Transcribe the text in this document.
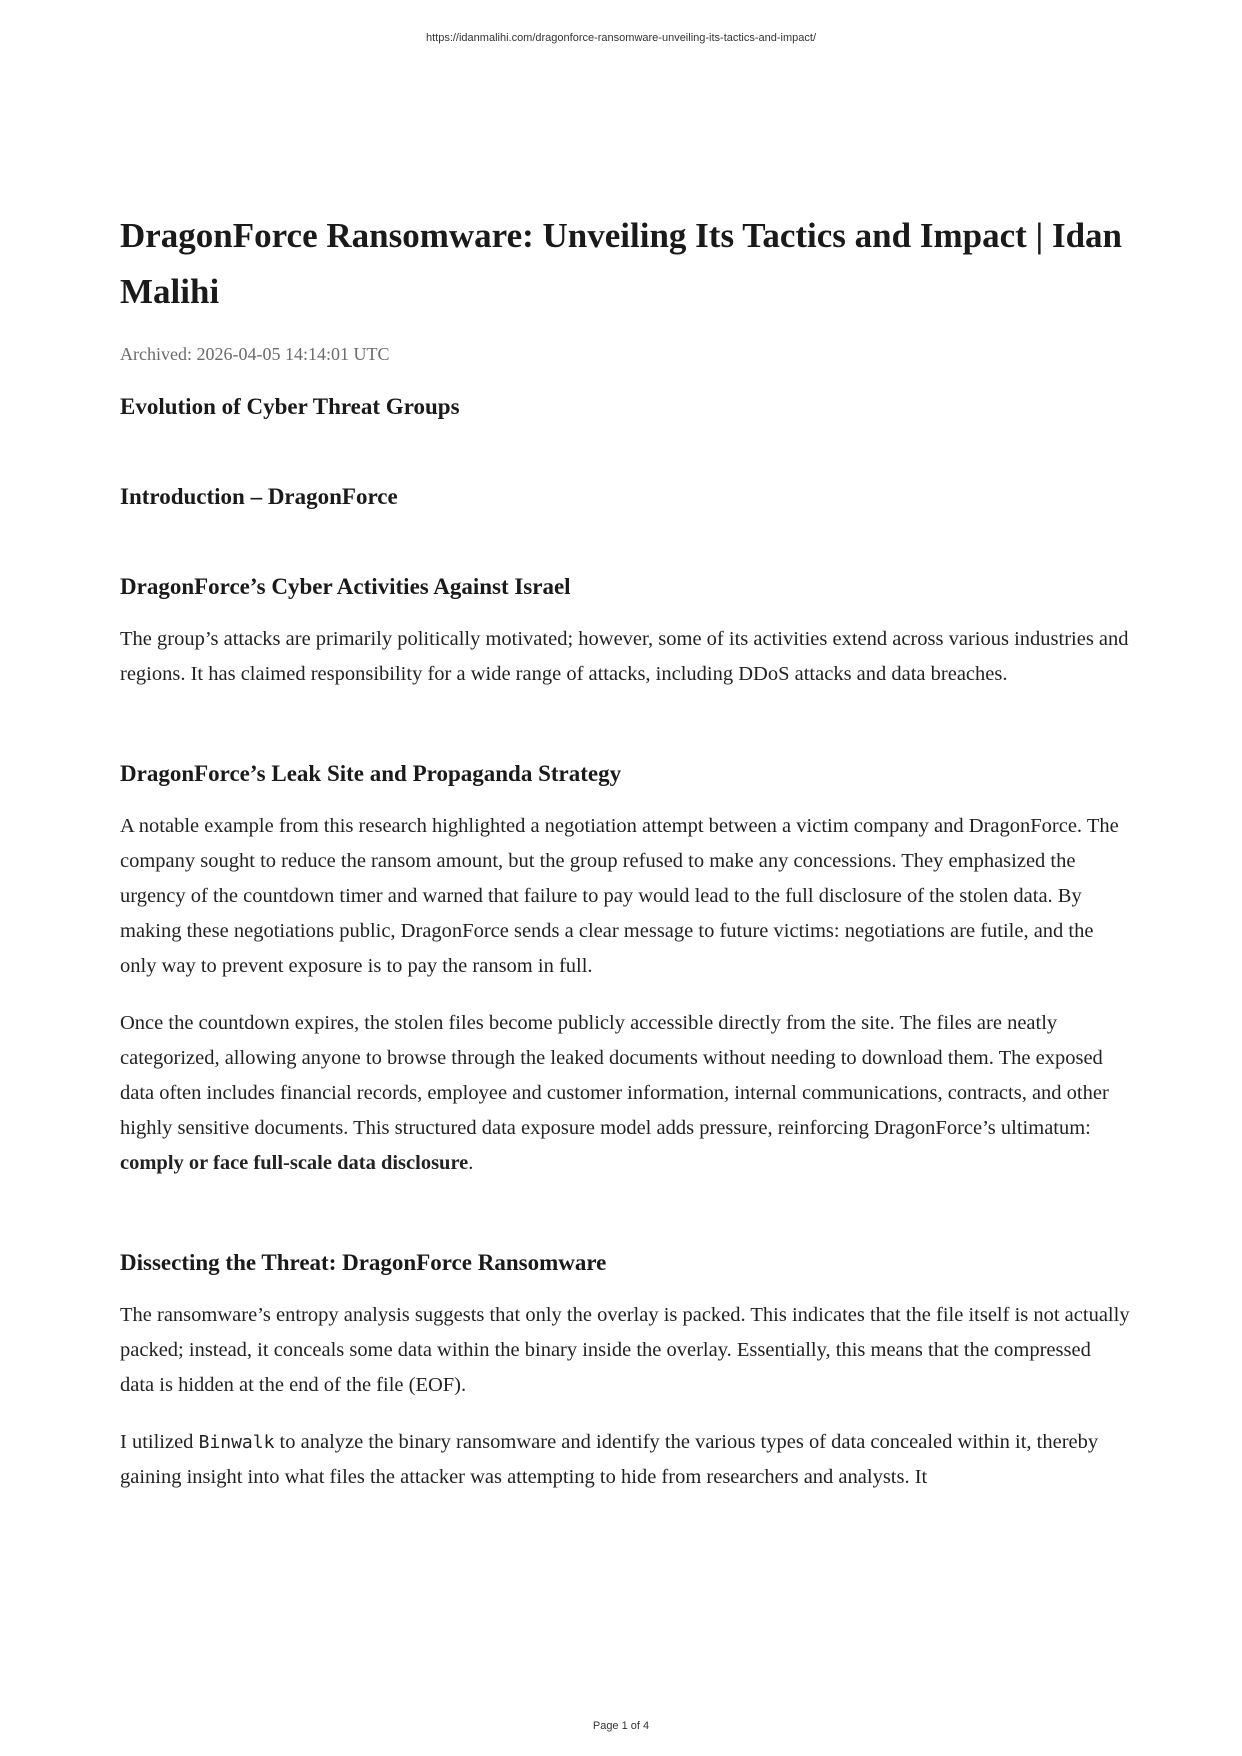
https://idanmalihi.com/dragonforce-ransomware-unveiling-its-tactics-and-impact/
DragonForce Ransomware: Unveiling Its Tactics and Impact | Idan Malihi
Archived: 2026-04-05 14:14:01 UTC
Evolution of Cyber Threat Groups
Introduction – DragonForce
DragonForce’s Cyber Activities Against Israel

The group’s attacks are primarily politically motivated; however, some of its activities extend across various industries and regions. It has claimed responsibility for a wide range of attacks, including DDoS attacks and data breaches.

DragonForce’s Leak Site and Propaganda Strategy

A notable example from this research highlighted a negotiation attempt between a victim company and DragonForce. The company sought to reduce the ransom amount, but the group refused to make any concessions. They emphasized the urgency of the countdown timer and warned that failure to pay would lead to the full disclosure of the stolen data. By making these negotiations public, DragonForce sends a clear message to future victims: negotiations are futile, and the only way to prevent exposure is to pay the ransom in full.

Once the countdown expires, the stolen files become publicly accessible directly from the site. The files are neatly categorized, allowing anyone to browse through the leaked documents without needing to download them. The exposed data often includes financial records, employee and customer information, internal communications, contracts, and other highly sensitive documents. This structured data exposure model adds pressure, reinforcing DragonForce’s ultimatum: comply or face full-scale data disclosure.

Dissecting the Threat: DragonForce Ransomware

The ransomware’s entropy analysis suggests that only the overlay is packed. This indicates that the file itself is not actually packed; instead, it conceals some data within the binary inside the overlay. Essentially, this means that the compressed data is hidden at the end of the file (EOF).

I utilized Binwalk to analyze the binary ransomware and identify the various types of data concealed within it, thereby gaining insight into what files the attacker was attempting to hide from researchers and analysts. It

Page 1 of 4
